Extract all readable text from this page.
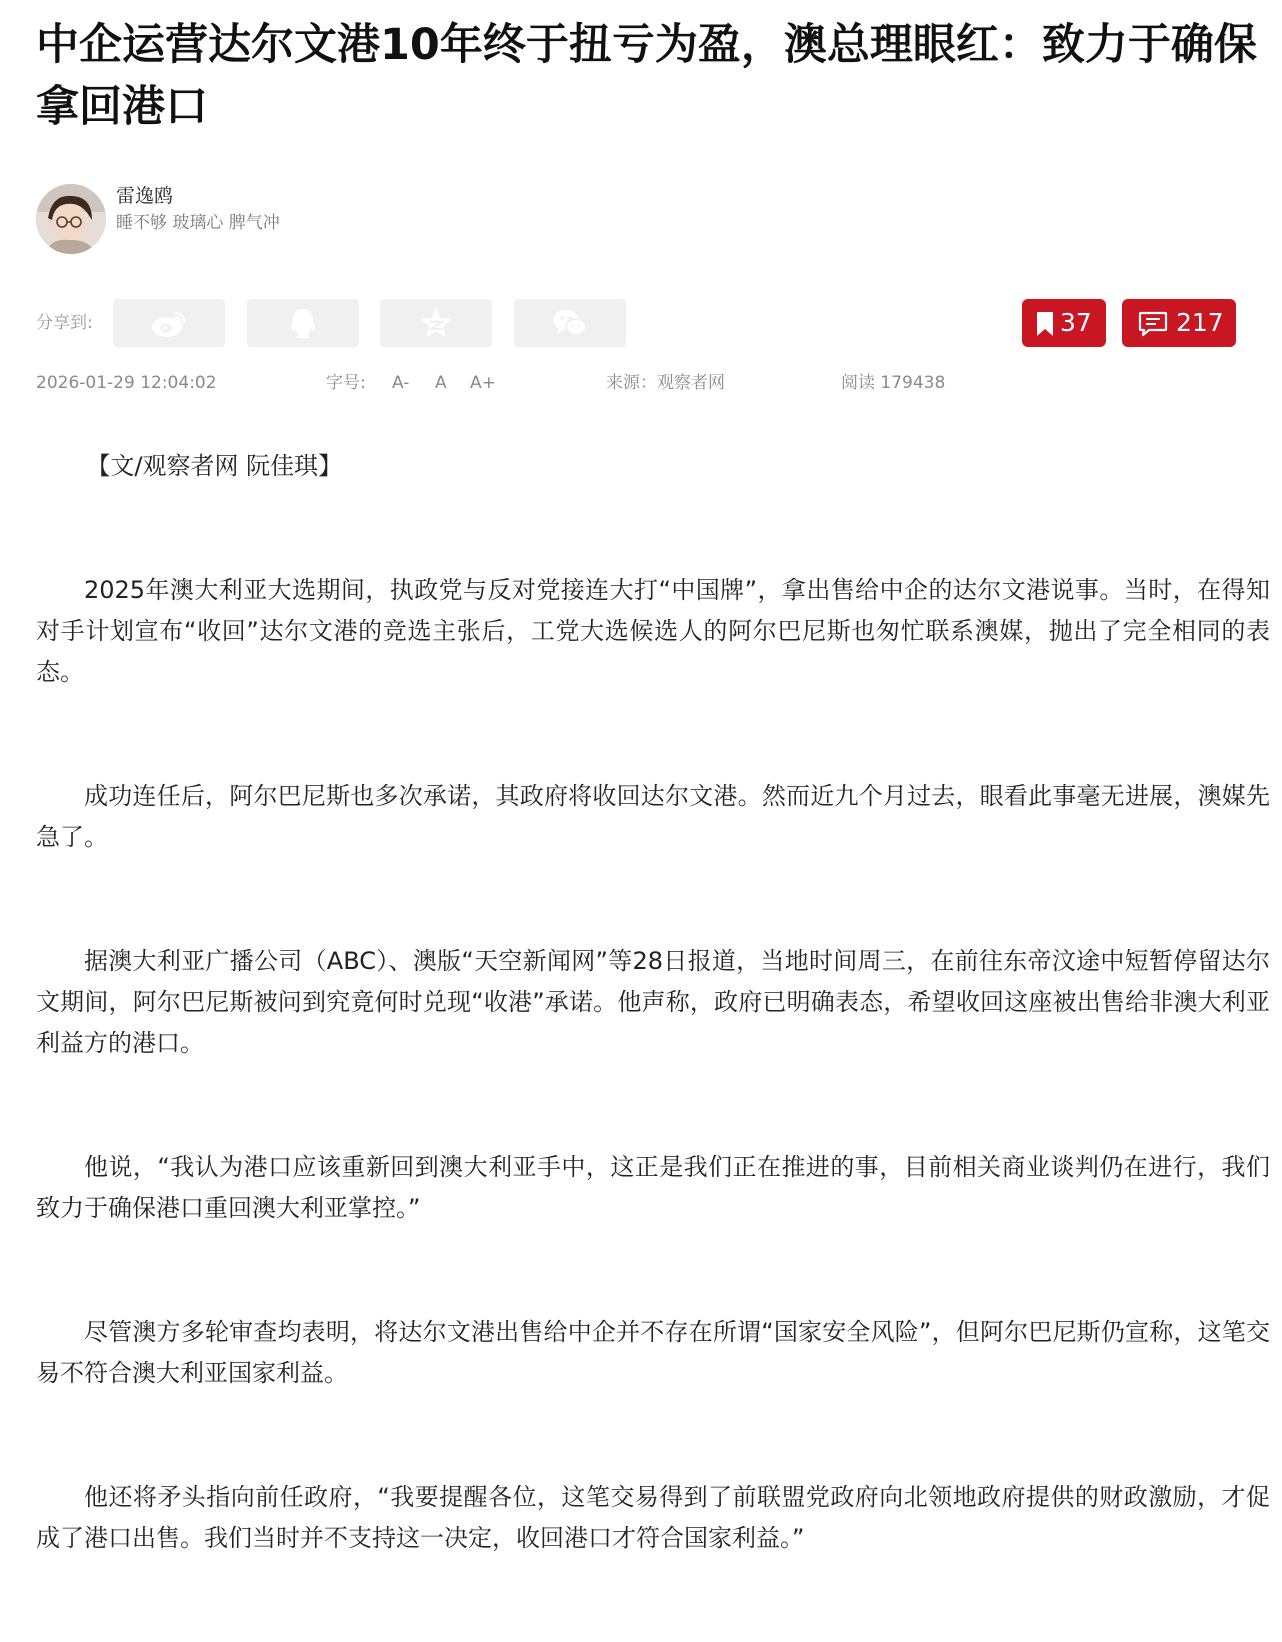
中企运营达尔文港10年终于扭亏为盈，澳总理眼红：致力于确保拿回港口
雷逸鸥
睡不够 玻璃心 脾气冲
分享到:	37	217
2026-01-29 12:04:02	字号: A- A A+	来源：观察者网	阅读 179438

【文/观察者网 阮佳琪】

2025年澳大利亚大选期间，执政党与反对党接连大打“中国牌”，拿出售给中企的达尔文港说事。当时，在得知对手计划宣布“收回”达尔文港的竞选主张后，工党大选候选人的阿尔巴尼斯也匆忙联系澳媒，抛出了完全相同的表态。

成功连任后，阿尔巴尼斯也多次承诺，其政府将收回达尔文港。然而近九个月过去，眼看此事毫无进展，澳媒先急了。

据澳大利亚广播公司（ABC）、澳版“天空新闻网”等28日报道，当地时间周三，在前往东帝汶途中短暂停留达尔文期间，阿尔巴尼斯被问到究竟何时兑现“收港”承诺。他声称，政府已明确表态，希望收回这座被出售给非澳大利亚利益方的港口。

他说，“我认为港口应该重新回到澳大利亚手中，这正是我们正在推进的事，目前相关商业谈判仍在进行，我们致力于确保港口重回澳大利亚掌控。”

尽管澳方多轮审查均表明，将达尔文港出售给中企并不存在所谓“国家安全风险”，但阿尔巴尼斯仍宣称，这笔交易不符合澳大利亚国家利益。

他还将矛头指向前任政府，“我要提醒各位，这笔交易得到了前联盟党政府向北领地政府提供的财政激励，才促成了港口出售。我们当时并不支持这一决定，收回港口才符合国家利益。”
